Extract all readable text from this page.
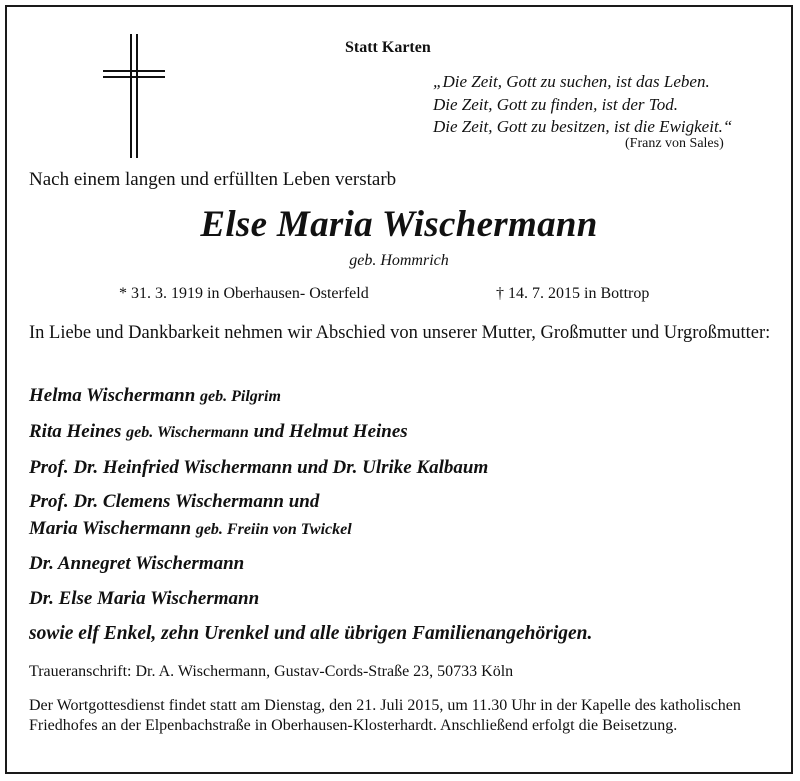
Statt Karten
„Die Zeit, Gott zu suchen, ist das Leben.
Die Zeit, Gott zu finden, ist der Tod.
Die Zeit, Gott zu besitzen, ist die Ewigkeit.“
(Franz von Sales)
Nach einem langen und erfüllten Leben verstarb
Else Maria Wischermann
geb. Hommrich
* 31. 3. 1919 in Oberhausen- Osterfeld	† 14. 7. 2015 in Bottrop
In Liebe und Dankbarkeit nehmen wir Abschied von unserer Mutter, Großmutter und Urgroßmutter:
Helma Wischermann geb. Pilgrim
Rita Heines geb. Wischermann und Helmut Heines
Prof. Dr. Heinfried Wischermann und Dr. Ulrike Kalbaum
Prof. Dr. Clemens Wischermann und
Maria Wischermann geb. Freiin von Twickel
Dr. Annegret Wischermann
Dr. Else Maria Wischermann
sowie elf Enkel, zehn Urenkel und alle übrigen Familienangehörigen.
Traueranschrift: Dr. A. Wischermann, Gustav-Cords-Straße 23, 50733 Köln
Der Wortgottesdienst findet statt am Dienstag, den 21. Juli 2015, um 11.30 Uhr in der Kapelle des katholischen Friedhofes an der Elpenbachstraße in Oberhausen-Klosterhardt. Anschließend erfolgt die Beisetzung.
